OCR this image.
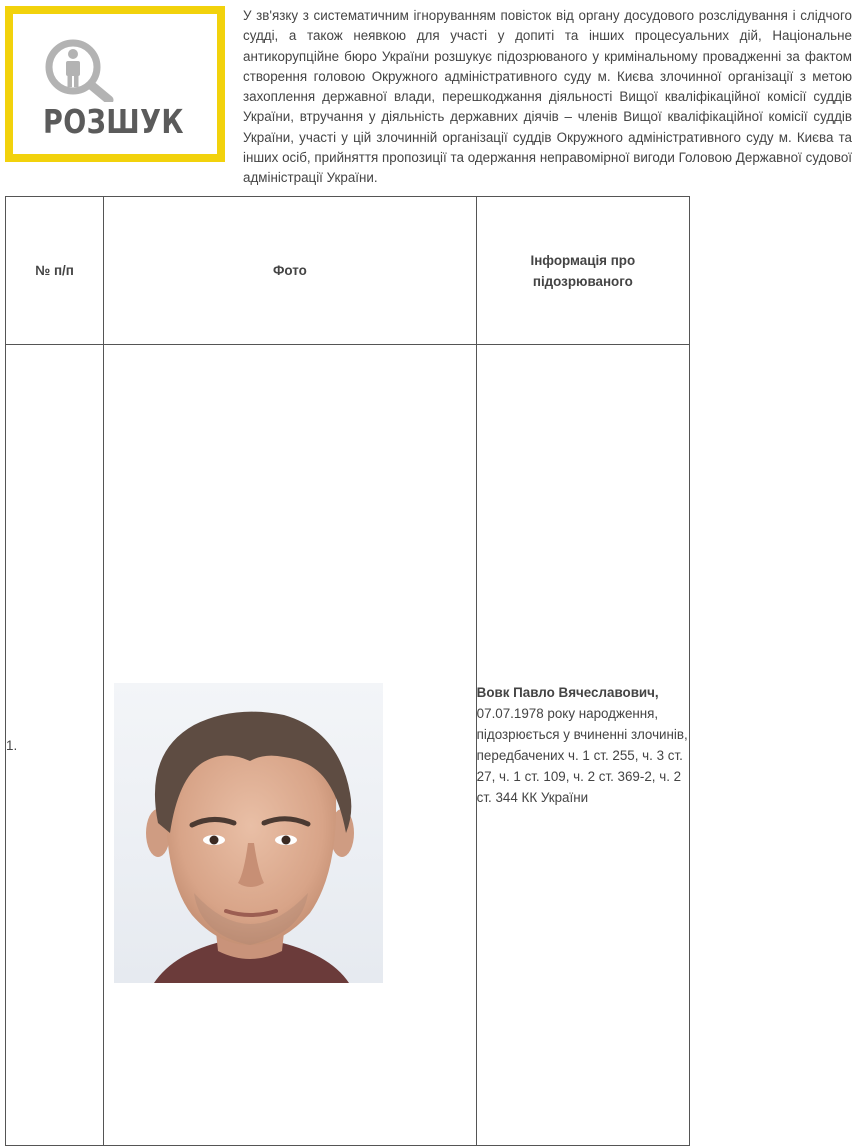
РОЗШУК

У зв'язку з систематичним ігноруванням повісток від органу досудового розслідування і слідчого судді, а також неявкою для участі у допиті та інших процесуальних дій, Національне антикорупційне бюро України розшукує підозрюваного у кримінальному провадженні за фактом створення головою Окружного адміністративного суду м. Києва злочинної організації з метою захоплення державної влади, перешкоджання діяльності Вищої кваліфікаційної комісії суддів України, втручання у діяльність державних діячів – членів Вищої кваліфікаційної комісії суддів України, участі у цій злочинній організації суддів Окружного адміністративного суду м. Києва та інших осіб, прийняття пропозиції та одержання неправомірної вигоди Головою Державної судової адміністрації України.

№ п/п	Фото	Інформація про підозрюваного
1.		Вовк Павло Вячеславович,
07.07.1978 року народження, підозрюється у вчиненні злочинів, передбачених ч. 1 ст. 255, ч. 3 ст. 27, ч. 1 ст. 109, ч. 2 ст. 369-2, ч. 2 ст. 344 КК України
